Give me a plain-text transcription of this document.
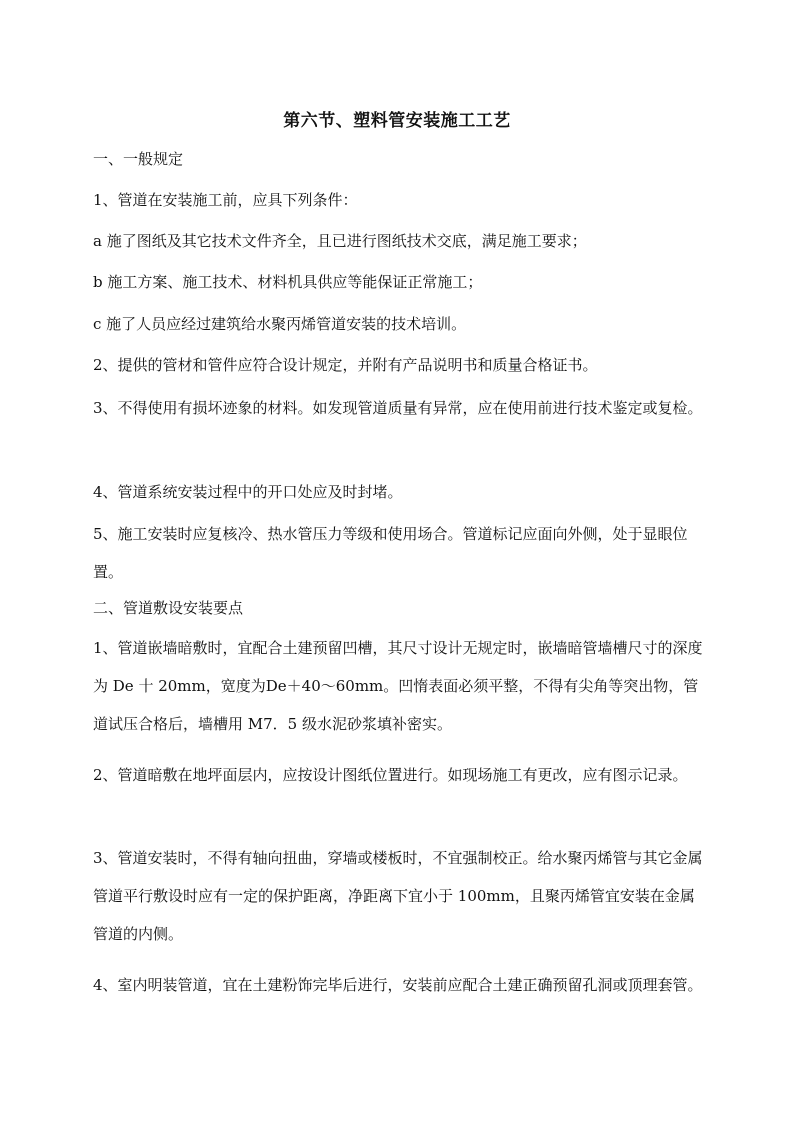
第六节、塑料管安装施工工艺
一、一般规定
1、管道在安装施工前，应具下列条件：
a 施了图纸及其它技术文件齐全，且已进行图纸技术交底，满足施工要求；
b 施工方案、施工技术、材料机具供应等能保证正常施工；
c 施了人员应经过建筑给水聚丙烯管道安装的技术培训。
2、提供的管材和管件应符合设计规定，并附有产品说明书和质量合格证书。
3、不得使用有损坏迹象的材料。如发现管道质量有异常，应在使用前进行技术鉴定或复检。
4、管道系统安装过程中的开口处应及时封堵。
5、施工安装时应复核冷、热水管压力等级和使用场合。管道标记应面向外侧，处于显眼位置。
二、管道敷设安装要点
1、管道嵌墙暗敷时，宜配合土建预留凹槽，其尺寸设计无规定时，嵌墙暗管墙槽尺寸的深度为 De 十 20mm，宽度为De＋40～60mm。凹惰表面必须平整，不得有尖角等突出物，管道试压合格后，墙槽用 M7．5 级水泥砂浆填补密实。
2、管道暗敷在地坪面层内，应按设计图纸位置进行。如现场施工有更改，应有图示记录。
3、管道安装时，不得有轴向扭曲，穿墙或楼板时，不宜强制校正。给水聚丙烯管与其它金属管道平行敷设时应有一定的保护距离，净距离下宜小于 100mm，且聚丙烯管宜安装在金属管道的内侧。
4、室内明装管道，宜在土建粉饰完毕后进行，安装前应配合土建正确预留孔洞或顶理套管。
